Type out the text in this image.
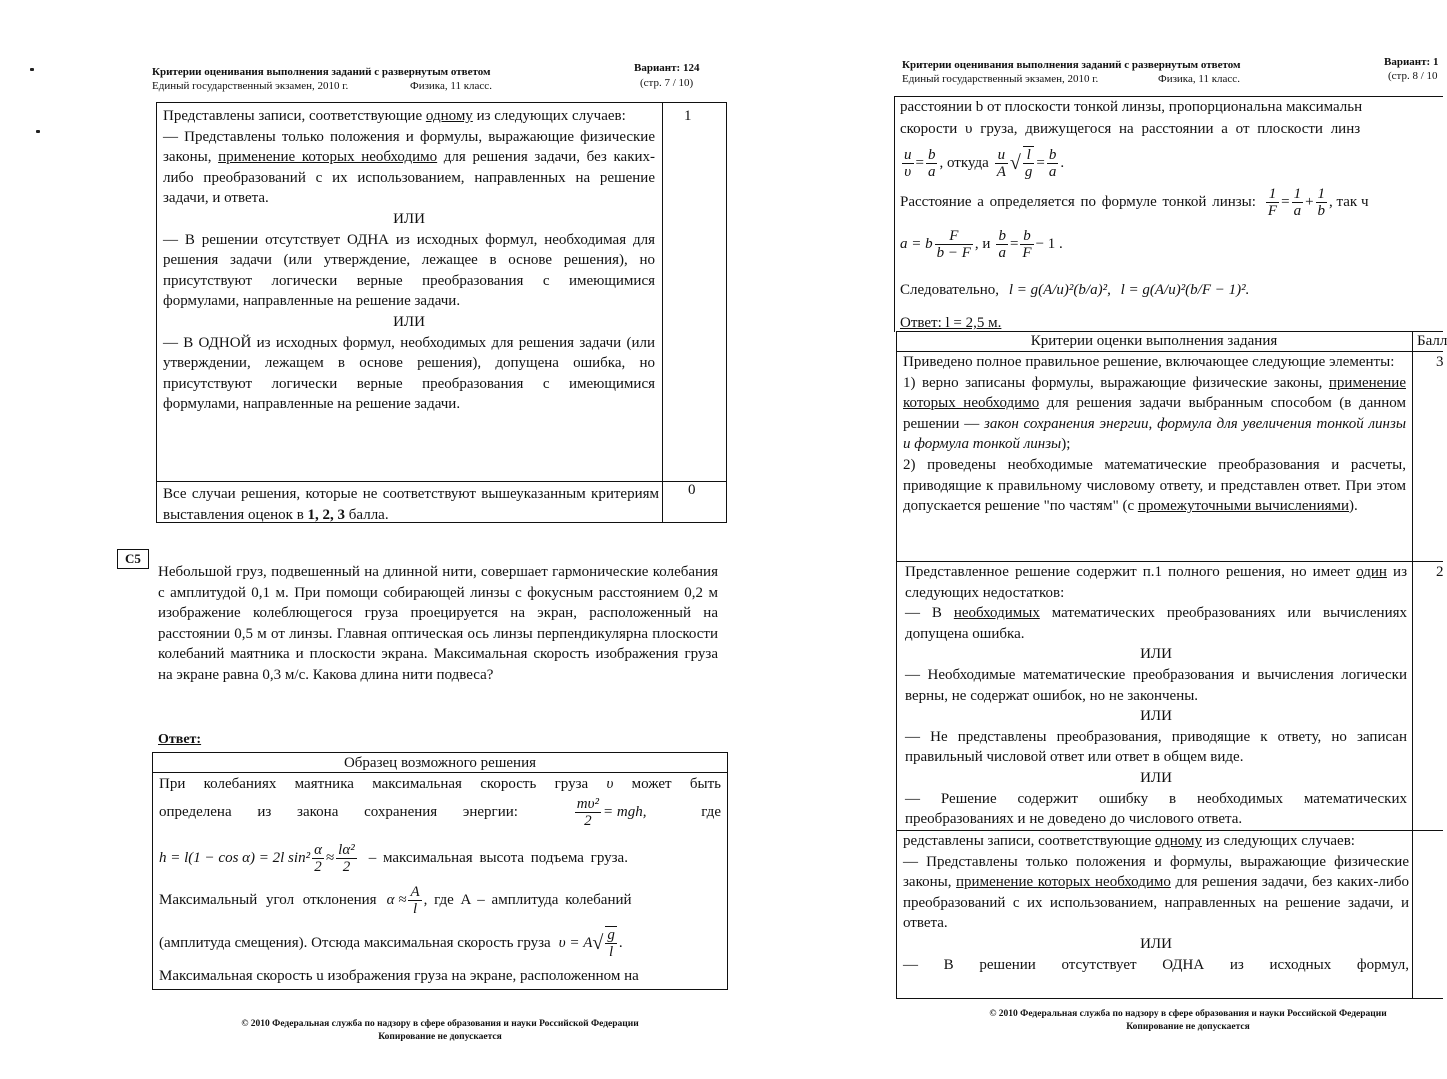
Критерии оценивания выполнения заданий с развернутым ответом
Единый государственный экзамен, 2010 г.	Физика, 11 класс.
Вариант: 124
(стр. 7 / 10)
Представлены записи, соответствующие одному из следующих случаев:
— Представлены только положения и формулы, выражающие физические законы, применение которых необходимо для решения задачи, без каких-либо преобразований с их использованием, направленных на решение задачи, и ответа.
ИЛИ
— В решении отсутствует ОДНА из исходных формул, необходимая для решения задачи (или утверждение, лежащее в основе решения), но присутствуют логически верные преобразования с имеющимися формулами, направленные на решение задачи.
ИЛИ
— В ОДНОЙ из исходных формул, необходимых для решения задачи (или утверждении, лежащем в основе решения), допущена ошибка, но присутствуют логически верные преобразования с имеющимися формулами, направленные на решение задачи.
1
Все случаи решения, которые не соответствуют вышеуказанным критериям выставления оценок в 1, 2, 3 балла.
0
С5
Небольшой груз, подвешенный на длинной нити, совершает гармонические колебания с амплитудой 0,1 м. При помощи собирающей линзы с фокусным расстоянием 0,2 м изображение колеблющегося груза проецируется на экран, расположенный на расстоянии 0,5 м от линзы. Главная оптическая ось линзы перпендикулярна плоскости колебаний маятника и плоскости экрана. Максимальная скорость изображения груза на экране равна 0,3 м/с. Какова длина нити подвеса?
Ответ:
Образец возможного решения
При колебаниях маятника максимальная скорость груза υ может быть
определена из закона сохранения энергии:	$\frac{\text{mυ²}}{2}$ = mgh,	где
h = l(1 − cos α) = 2l $\sin^2 \frac{\alpha}{2} \approx \frac{\text{lα²}}{2}$ – максимальная высота подъема груза.
Максимальный угол отклонения $\alpha \approx \frac{A}{l}$ , где A – амплитуда колебаний
(амплитуда смещения). Отсюда максимальная скорость груза υ = A √ $\frac{g}{l}$ .
Максимальная скорость u изображения груза на экране, расположенном на
© 2010 Федеральная служба по надзору в сфере образования и науки Российской Федерации
Копирование не допускается
Критерии оценивания выполнения заданий с развернутым ответом
Единый государственный экзамен, 2010 г.	Физика, 11 класс.
Вариант: 1
(стр. 8 / 10
расстоянии b от плоскости тонкой линзы, пропорциональна максимальн
скорости υ груза, движущегося на расстоянии a от плоскости линз
$\frac{u}{\upsilon} = \frac{b}{a}$ , откуда $\frac{u}{A}$ √ $\frac{l}{g} = \frac{b}{a}$ .
Расстояние a определяется по формуле тонкой линзы: $\frac{1}{F} = \frac{1}{a} + \frac{1}{b}$ , так ч
a = b $\frac{F}{b - F}$ , и $\frac{b}{a} = \frac{b}{F} - 1$ .
Следовательно, l = g(A/u)²(b/a)², l = g(A/u)²(b/F − 1)².
Ответ: l = 2,5 м.
Критерии оценки выполнения задания	Балл
Приведено полное правильное решение, включающее следующие элементы:
1) верно записаны формулы, выражающие физические законы, применение которых необходимо для решения задачи выбранным способом (в данном решении — закон сохранения энергии, формула для увеличения тонкой линзы и формула тонкой линзы);
2) проведены необходимые математические преобразования и расчеты, приводящие к правильному числовому ответу, и представлен ответ. При этом допускается решение "по частям" (с промежуточными вычислениями).
3
Представленное решение содержит п.1 полного решения, но имеет один из следующих недостатков:
— В необходимых математических преобразованиях или вычислениях допущена ошибка.
ИЛИ
— Необходимые математические преобразования и вычисления логически верны, не содержат ошибок, но не закончены.
ИЛИ
— Не представлены преобразования, приводящие к ответу, но записан правильный числовой ответ или ответ в общем виде.
ИЛИ
— Решение содержит ошибку в необходимых математических преобразованиях и не доведено до числового ответа.
2
редставлены записи, соответствующие одному из следующих случаев:
— Представлены только положения и формулы, выражающие физические законы, применение которых необходимо для решения задачи, без каких-либо преобразований с их использованием, направленных на решение задачи, и ответа.
ИЛИ
— В решении отсутствует ОДНА из исходных формул,
© 2010 Федеральная служба по надзору в сфере образования и науки Российской Федерации
Копирование не допускается
